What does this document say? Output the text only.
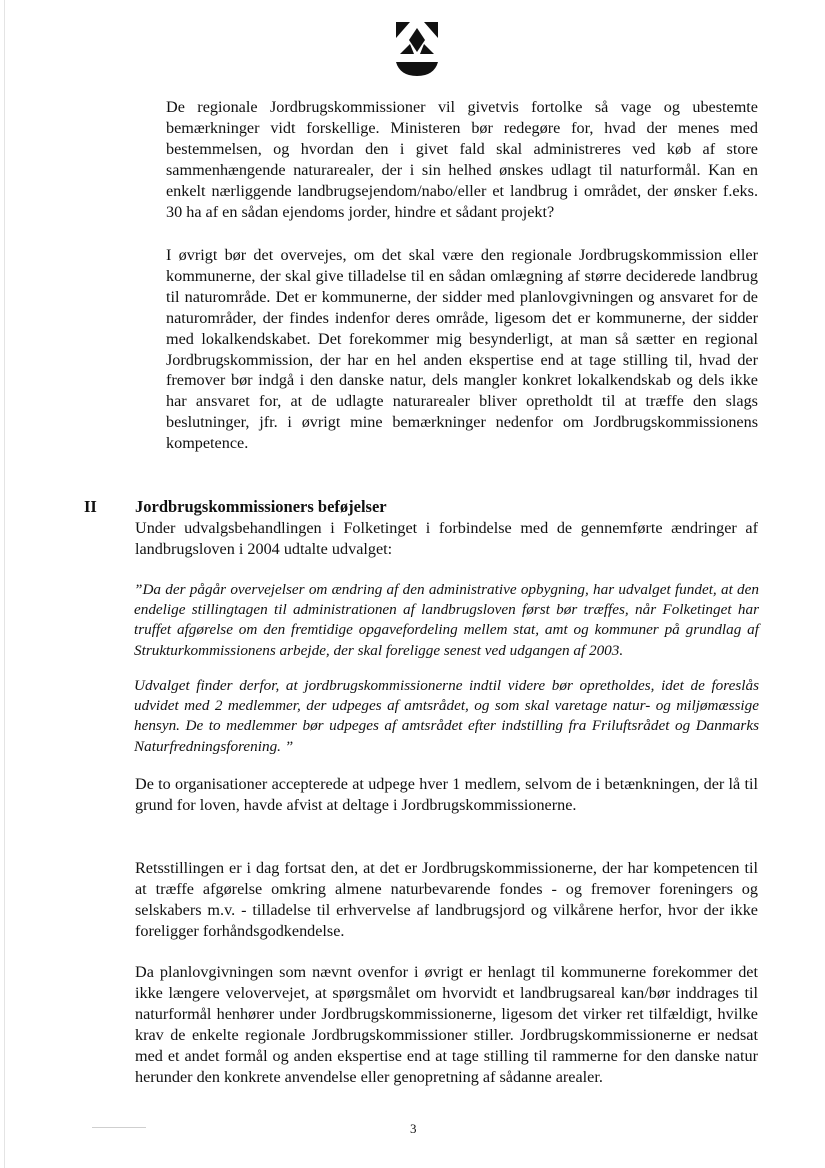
De regionale Jordbrugskommissioner vil givetvis fortolke så vage og ubestemte bemærkninger vidt forskellige. Ministeren bør redegøre for, hvad der menes med bestemmelsen, og hvordan den i givet fald skal administreres ved køb af store sammenhængende naturarealer, der i sin helhed ønskes udlagt til naturformål. Kan en enkelt nærliggende landbrugsejendom/nabo/eller et landbrug i området, der ønsker f.eks. 30 ha af en sådan ejendoms jorder, hindre et sådant projekt?

I øvrigt bør det overvejes, om det skal være den regionale Jordbrugskommission eller kommunerne, der skal give tilladelse til en sådan omlægning af større deciderede landbrug til naturområde. Det er kommunerne, der sidder med planlovgivningen og ansvaret for de naturområder, der findes indenfor deres område, ligesom det er kommunerne, der sidder med lokalkendskabet. Det forekommer mig besynderligt, at man så sætter en regional Jordbrugskommission, der har en hel anden ekspertise end at tage stilling til, hvad der fremover bør indgå i den danske natur, dels mangler konkret lokalkendskab og dels ikke har ansvaret for, at de udlagte naturarealer bliver opretholdt til at træffe den slags beslutninger, jfr. i øvrigt mine bemærkninger nedenfor om Jordbrugskommissionens kompetence.

II Jordbrugskommissioners beføjelser

Under udvalgsbehandlingen i Folketinget i forbindelse med de gennemførte ændringer af landbrugsloven i 2004 udtalte udvalget:

”Da der pågår overvejelser om ændring af den administrative opbygning, har udvalget fundet, at den endelige stillingtagen til administrationen af landbrugsloven først bør træffes, når Folketinget har truffet afgørelse om den fremtidige opgavefordeling mellem stat, amt og kommuner på grundlag af Strukturkommissionens arbejde, der skal foreligge senest ved udgangen af 2003.

Udvalget finder derfor, at jordbrugskommissionerne indtil videre bør opretholdes, idet de foreslås udvidet med 2 medlemmer, der udpeges af amtsrådet, og som skal varetage natur- og miljømæssige hensyn. De to medlemmer bør udpeges af amtsrådet efter indstilling fra Friluftsrådet og Danmarks Naturfredningsforening. ”

De to organisationer accepterede at udpege hver 1 medlem, selvom de i betænkningen, der lå til grund for loven, havde afvist at deltage i Jordbrugskommissionerne.

Retsstillingen er i dag fortsat den, at det er Jordbrugskommissionerne, der har kompetencen til at træffe afgørelse omkring almene naturbevarende fondes - og fremover foreningers og selskabers m.v. - tilladelse til erhvervelse af landbrugsjord og vilkårene herfor, hvor der ikke foreligger forhåndsgodkendelse.

Da planlovgivningen som nævnt ovenfor i øvrigt er henlagt til kommunerne forekommer det ikke længere velovervejet, at spørgsmålet om hvorvidt et landbrugsareal kan/bør inddrages til naturformål henhører under Jordbrugskommissionerne, ligesom det virker ret tilfældigt, hvilke krav de enkelte regionale Jordbrugskommissioner stiller. Jordbrugskommissionerne er nedsat med et andet formål og anden ekspertise end at tage stilling til rammerne for den danske natur herunder den konkrete anvendelse eller genopretning af sådanne arealer.

3
